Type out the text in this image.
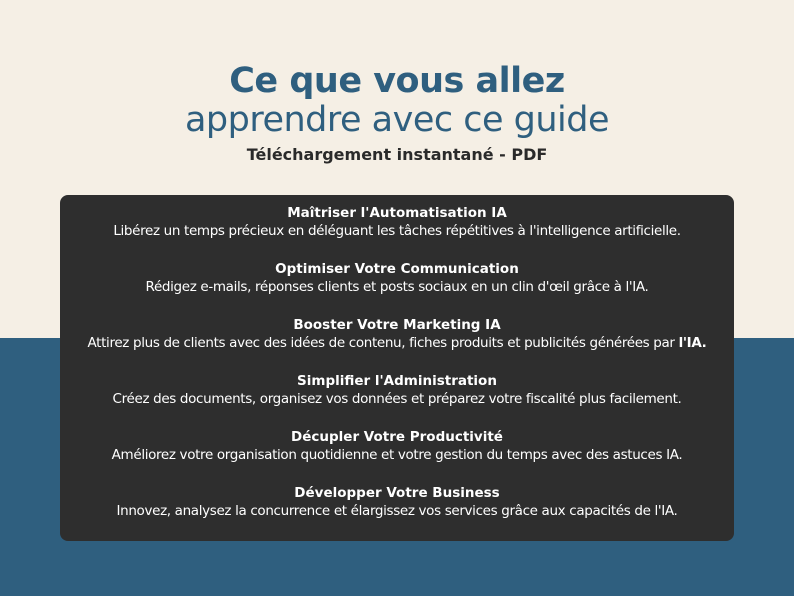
Ce que vous allez
apprendre avec ce guide
Téléchargement instantané - PDF
Maîtriser l'Automatisation IA
Libérez un temps précieux en déléguant les tâches répétitives à l'intelligence artificielle.
Optimiser Votre Communication
Rédigez e-mails, réponses clients et posts sociaux en un clin d'œil grâce à l'IA.
Booster Votre Marketing IA
Attirez plus de clients avec des idées de contenu, fiches produits et publicités générées par l'IA.
Simplifier l'Administration
Créez des documents, organisez vos données et préparez votre fiscalité plus facilement.
Décupler Votre Productivité
Améliorez votre organisation quotidienne et votre gestion du temps avec des astuces IA.
Développer Votre Business
Innovez, analysez la concurrence et élargissez vos services grâce aux capacités de l'IA.
